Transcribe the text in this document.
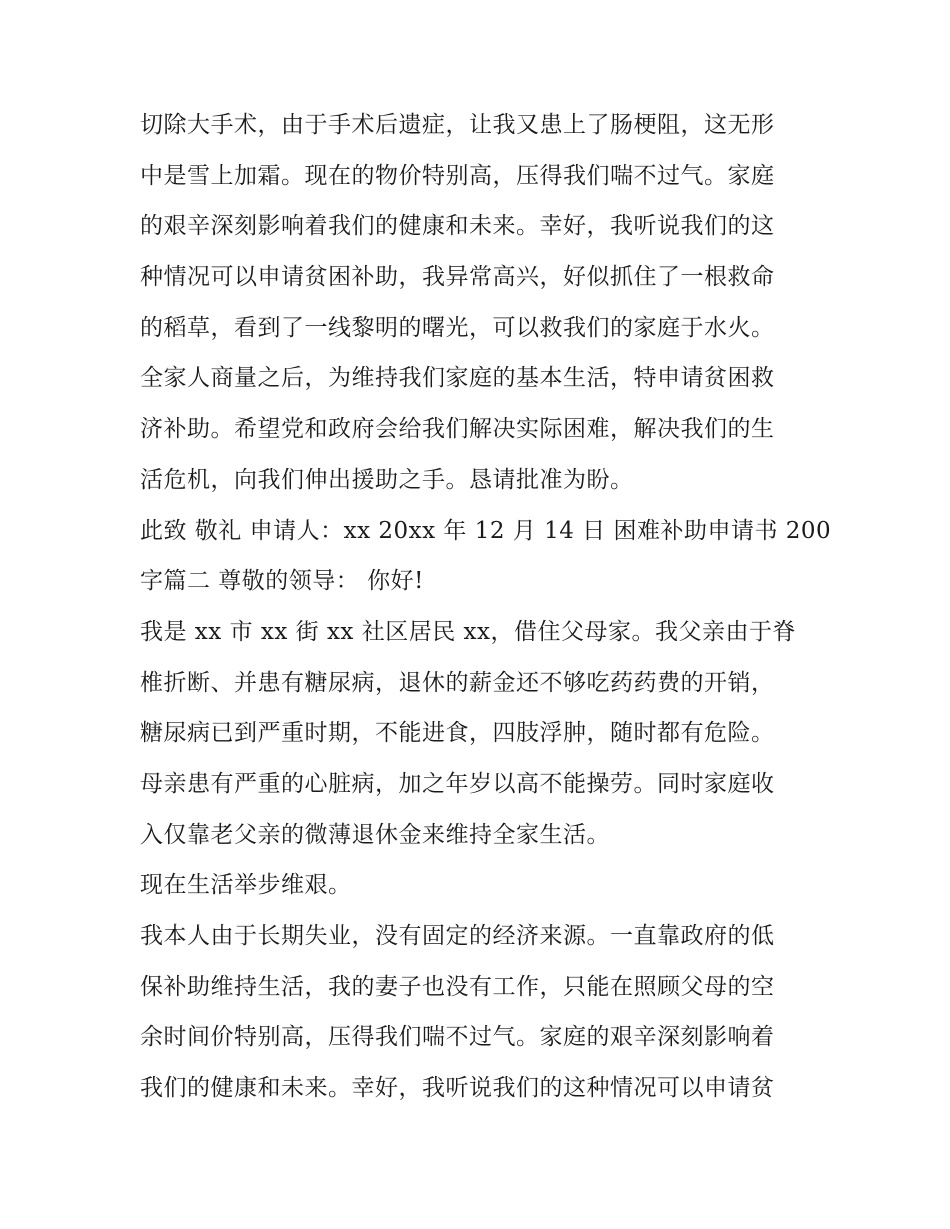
切除大手术，由于手术后遗症，让我又患上了肠梗阻，这无形
中是雪上加霜。现在的物价特别高，压得我们喘不过气。家庭
的艰辛深刻影响着我们的健康和未来。幸好，我听说我们的这
种情况可以申请贫困补助，我异常高兴，好似抓住了一根救命
的稻草，看到了一线黎明的曙光，可以救我们的家庭于水火。
全家人商量之后，为维持我们家庭的基本生活，特申请贫困救
济补助。希望党和政府会给我们解决实际困难，解决我们的生
活危机，向我们伸出援助之手。恳请批准为盼。
此致 敬礼 申请人：xx 20xx 年 12 月 14 日 困难补助申请书 200
字篇二 尊敬的领导： 你好!
我是 xx 市 xx 街 xx 社区居民 xx，借住父母家。我父亲由于脊
椎折断、并患有糖尿病，退休的薪金还不够吃药药费的开销，
糖尿病已到严重时期，不能进食，四肢浮肿，随时都有危险。
母亲患有严重的心脏病，加之年岁以高不能操劳。同时家庭收
入仅靠老父亲的微薄退休金来维持全家生活。
现在生活举步维艰。
我本人由于长期失业，没有固定的经济来源。一直靠政府的低
保补助维持生活，我的妻子也没有工作，只能在照顾父母的空
余时间价特别高，压得我们喘不过气。家庭的艰辛深刻影响着
我们的健康和未来。幸好，我听说我们的这种情况可以申请贫
